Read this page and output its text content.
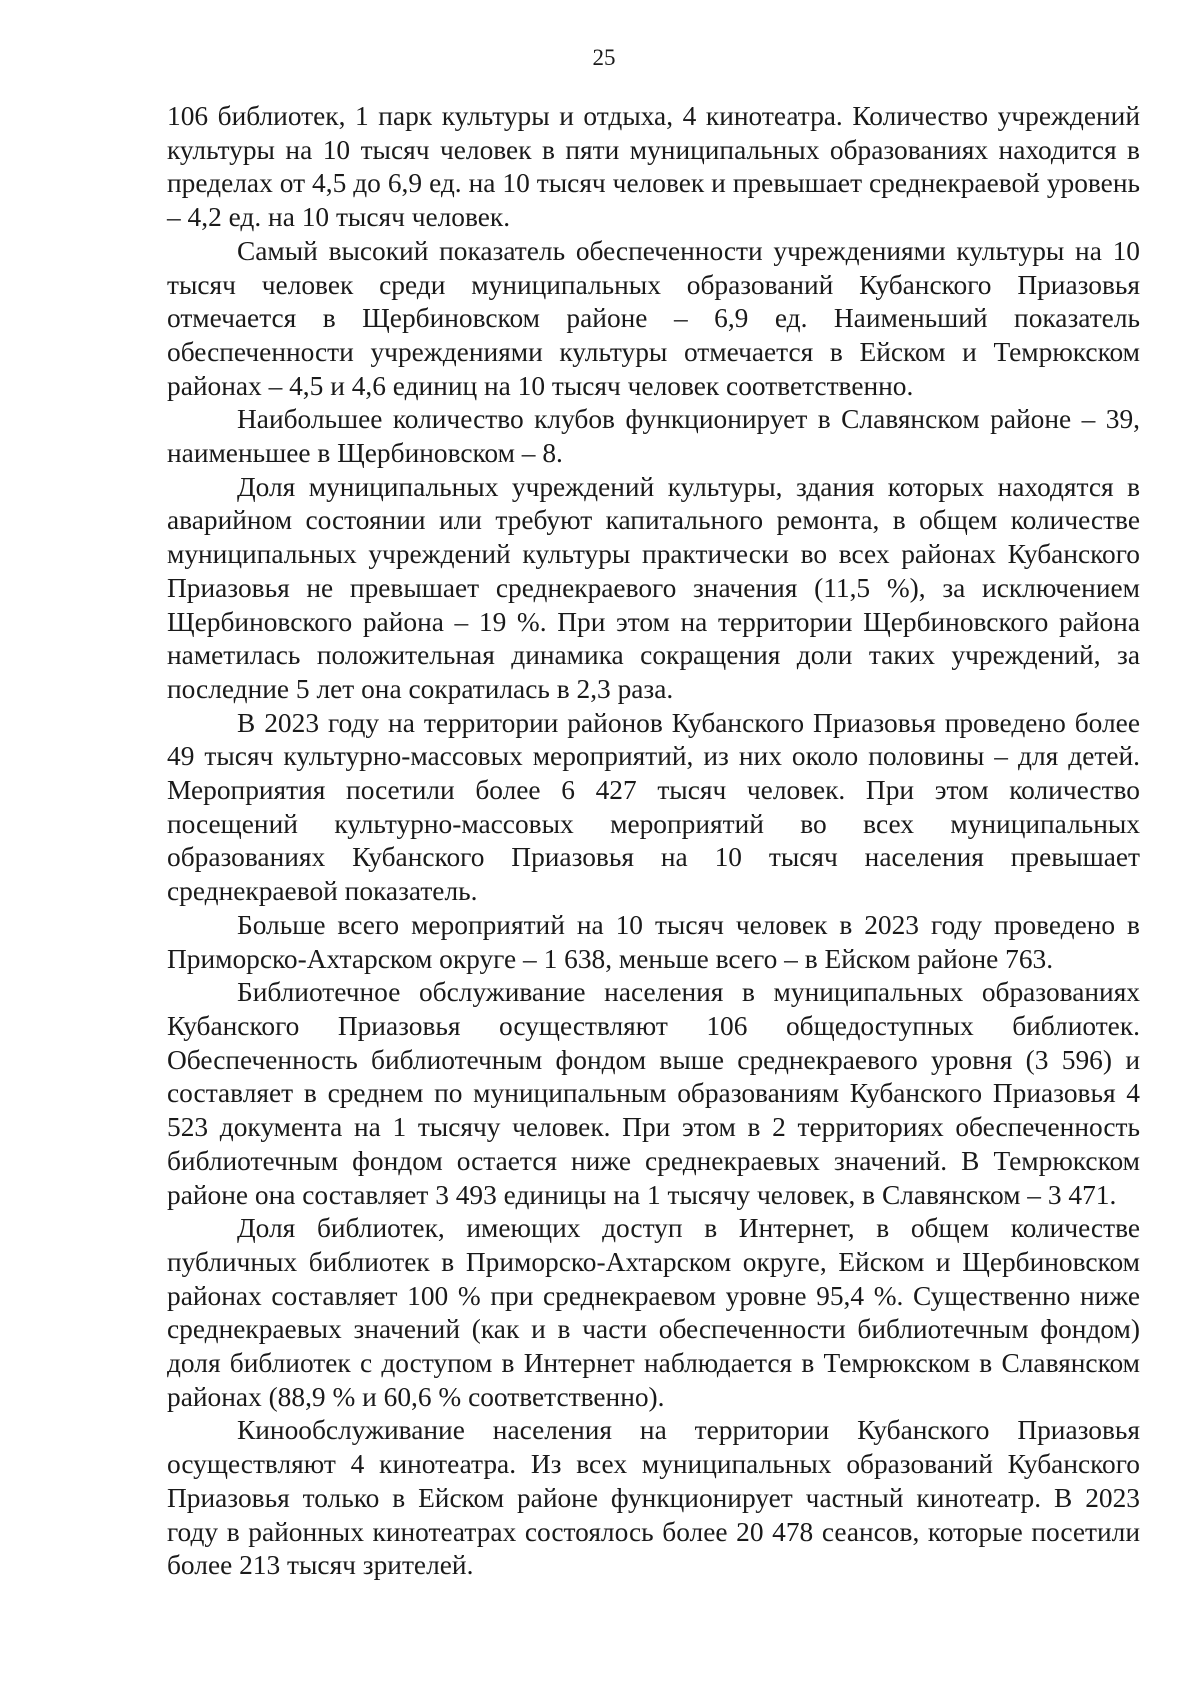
25

106 библиотек, 1 парк культуры и отдыха, 4 кинотеатра. Количество учреждений культуры на 10 тысяч человек в пяти муниципальных образованиях находится в пределах от 4,5 до 6,9 ед. на 10 тысяч человек и превышает среднекраевой уровень – 4,2 ед. на 10 тысяч человек.

Самый высокий показатель обеспеченности учреждениями культуры на 10 тысяч человек среди муниципальных образований Кубанского Приазовья отмечается в Щербиновском районе – 6,9 ед. Наименьший показатель обеспеченности учреждениями культуры отмечается в Ейском и Темрюкском районах – 4,5 и 4,6 единиц на 10 тысяч человек соответственно.

Наибольшее количество клубов функционирует в Славянском районе – 39, наименьшее в Щербиновском – 8.

Доля муниципальных учреждений культуры, здания которых находятся в аварийном состоянии или требуют капитального ремонта, в общем количестве муниципальных учреждений культуры практически во всех районах Кубанского Приазовья не превышает среднекраевого значения (11,5 %), за исключением Щербиновского района – 19 %. При этом на территории Щербиновского района наметилась положительная динамика сокращения доли таких учреждений, за последние 5 лет она сократилась в 2,3 раза.

В 2023 году на территории районов Кубанского Приазовья проведено более 49 тысяч культурно-массовых мероприятий, из них около половины – для детей. Мероприятия посетили более 6 427 тысяч человек. При этом количество посещений культурно-массовых мероприятий во всех муниципальных образованиях Кубанского Приазовья на 10 тысяч населения превышает среднекраевой показатель.

Больше всего мероприятий на 10 тысяч человек в 2023 году проведено в Приморско-Ахтарском округе – 1 638, меньше всего – в Ейском районе 763.

Библиотечное обслуживание населения в муниципальных образованиях Кубанского Приазовья осуществляют 106 общедоступных библиотек. Обеспеченность библиотечным фондом выше среднекраевого уровня (3 596) и составляет в среднем по муниципальным образованиям Кубанского Приазовья 4 523 документа на 1 тысячу человек. При этом в 2 территориях обеспеченность библиотечным фондом остается ниже среднекраевых значений. В Темрюкском районе она составляет 3 493 единицы на 1 тысячу человек, в Славянском – 3 471.

Доля библиотек, имеющих доступ в Интернет, в общем количестве публичных библиотек в Приморско-Ахтарском округе, Ейском и Щербиновском районах составляет 100 % при среднекраевом уровне 95,4 %. Существенно ниже среднекраевых значений (как и в части обеспеченности библиотечным фондом) доля библиотек с доступом в Интернет наблюдается в Темрюкском в Славянском районах (88,9 % и 60,6 % соответственно).

Кинообслуживание населения на территории Кубанского Приазовья осуществляют 4 кинотеатра. Из всех муниципальных образований Кубанского Приазовья только в Ейском районе функционирует частный кинотеатр. В 2023 году в районных кинотеатрах состоялось более 20 478 сеансов, которые посетили более 213 тысяч зрителей.
